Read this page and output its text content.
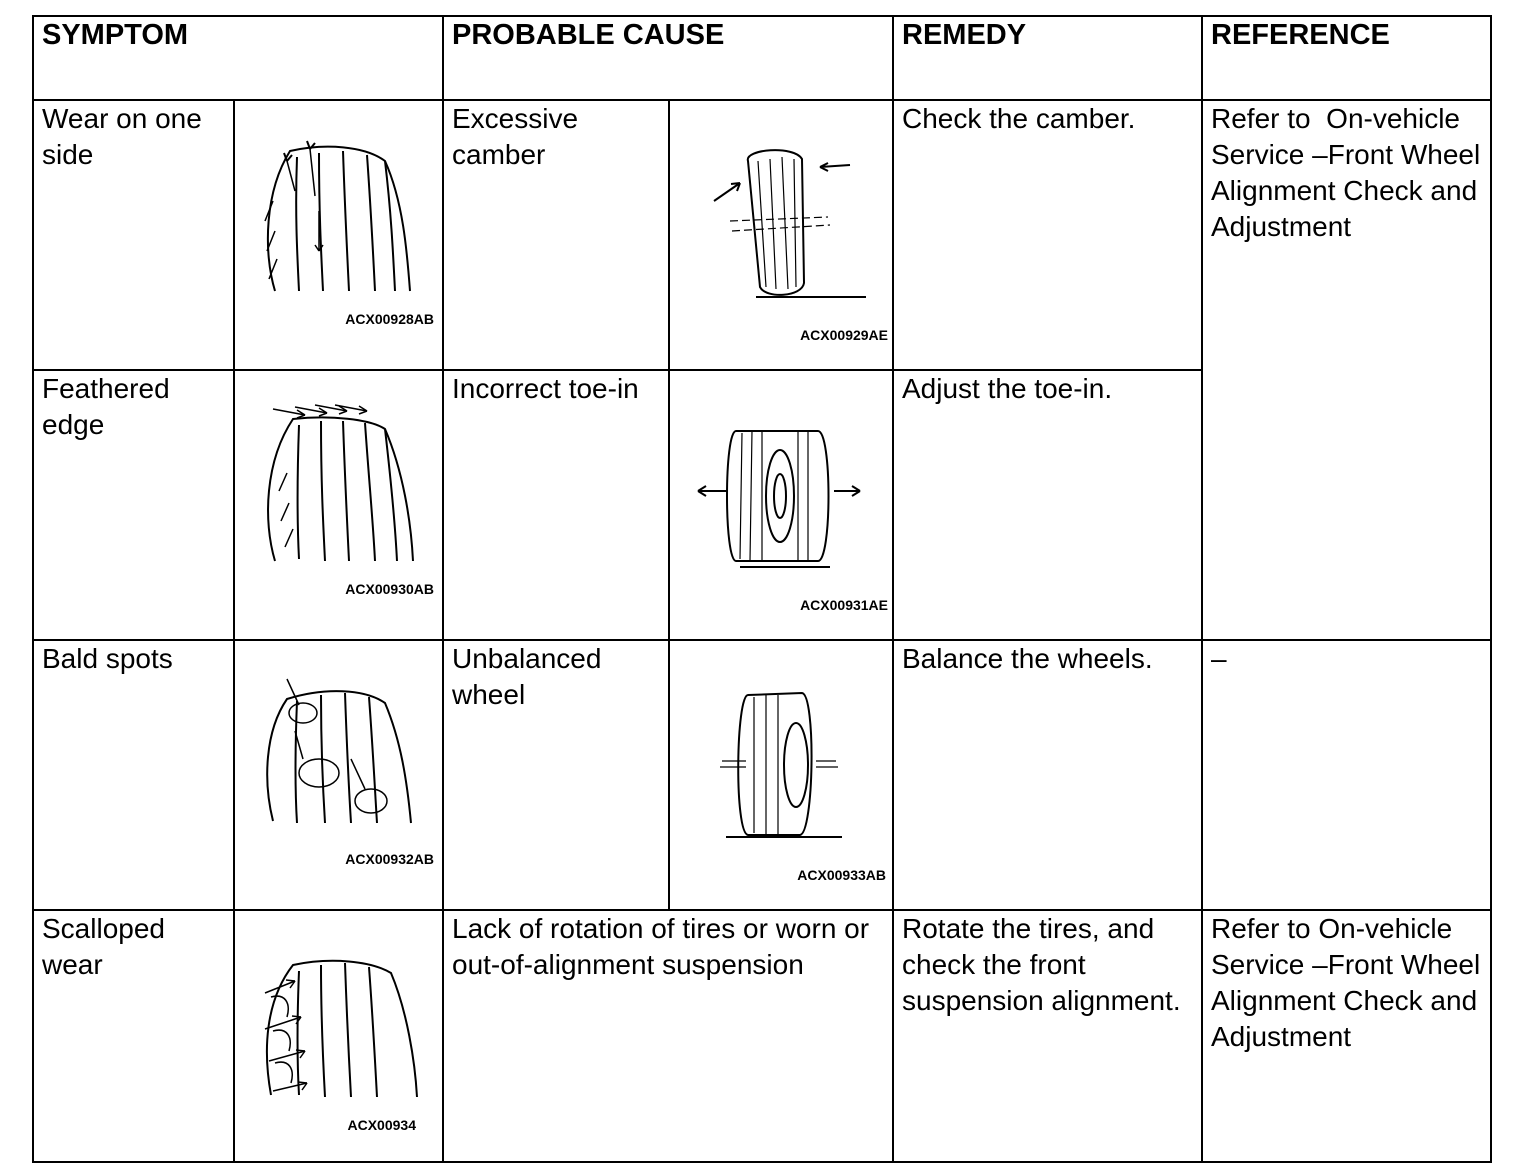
SYMPTOM		PROBABLE CAUSE		REMEDY	REFERENCE

Wear on one side	ACX00928AB	Excessive camber	ACX00929AE	Check the camber.	Refer to  On-vehicle Service –Front Wheel Alignment Check and Adjustment

Feathered edge	ACX00930AB	Incorrect toe-in	ACX00931AE	Adjust the toe-in.	

Bald spots	ACX00932AB	Unbalanced wheel	ACX00933AB	Balance the wheels.	–

Scalloped wear	ACX00934	Lack of rotation of tires or worn or out-of-alignment suspension		Rotate the tires, and check the front suspension alignment.	Refer to On-vehicle Service –Front Wheel Alignment Check and Adjustment
